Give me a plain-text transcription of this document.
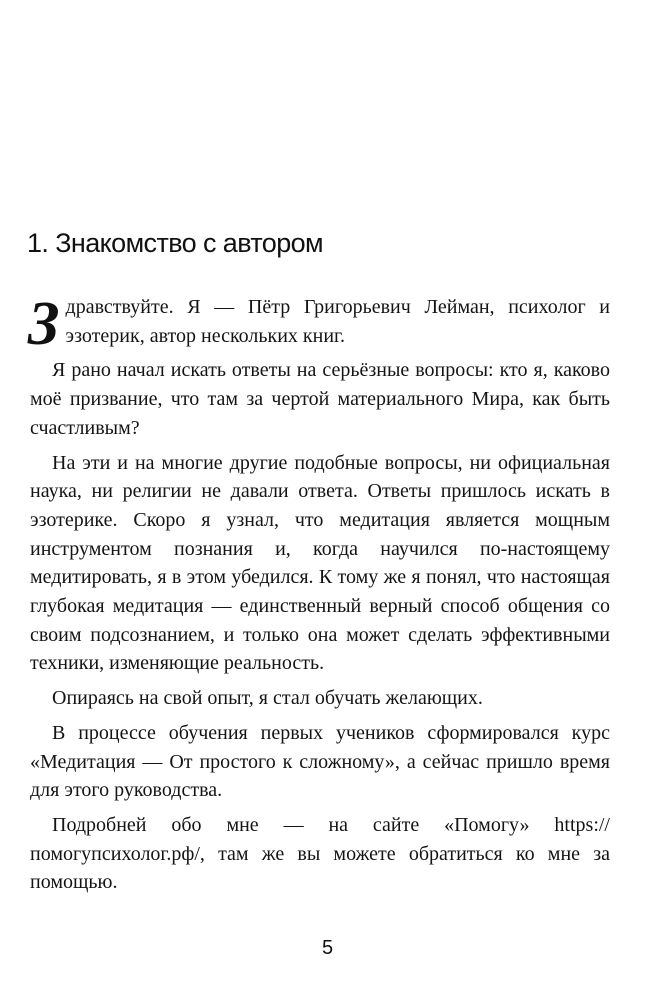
1. Знакомство с автором

Здравствуйте. Я — Пётр Григорьевич Лейман, психолог и эзотерик, автор нескольких книг.

Я рано начал искать ответы на серьёзные вопросы: кто я, каково моё призвание, что там за чертой материального Мира, как быть счастливым?

На эти и на многие другие подобные вопросы, ни официальная наука, ни религии не давали ответа. Ответы пришлось искать в эзотерике. Скоро я узнал, что медитация является мощным инструментом познания и, когда научился по-настоящему медитировать, я в этом убедился. К тому же я понял, что настоящая глубокая медитация — единственный верный способ общения со своим подсознанием, и только она может сделать эффективными техники, изменяющие реальность.

Опираясь на свой опыт, я стал обучать желающих.

В процессе обучения первых учеников сформировался курс «Медитация — От простого к сложному», а сейчас пришло время для этого руководства.

Подробней обо мне — на сайте «Помогу» https://помогупсихолог.рф/, там же вы можете обратиться ко мне за помощью.

5
